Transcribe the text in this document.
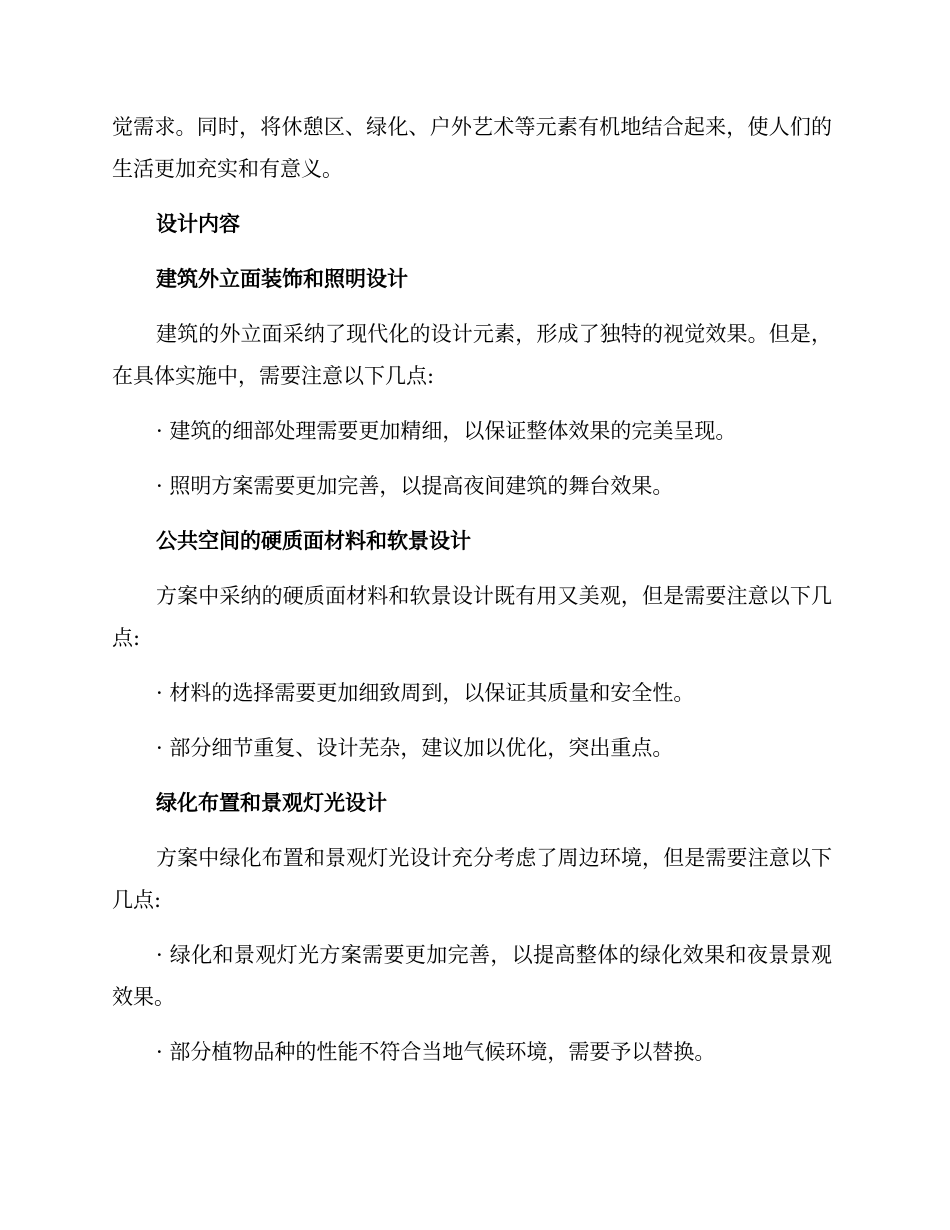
觉需求。同时，将休憩区、绿化、户外艺术等元素有机地结合起来，使人们的生活更加充实和有意义。

设计内容

建筑外立面装饰和照明设计

建筑的外立面采纳了现代化的设计元素，形成了独特的视觉效果。但是，在具体实施中，需要注意以下几点:

· 建筑的细部处理需要更加精细，以保证整体效果的完美呈现。

· 照明方案需要更加完善，以提高夜间建筑的舞台效果。

公共空间的硬质面材料和软景设计

方案中采纳的硬质面材料和软景设计既有用又美观，但是需要注意以下几点:

· 材料的选择需要更加细致周到，以保证其质量和安全性。

· 部分细节重复、设计芜杂，建议加以优化，突出重点。

绿化布置和景观灯光设计

方案中绿化布置和景观灯光设计充分考虑了周边环境，但是需要注意以下几点:

· 绿化和景观灯光方案需要更加完善，以提高整体的绿化效果和夜景景观效果。

· 部分植物品种的性能不符合当地气候环境，需要予以替换。
